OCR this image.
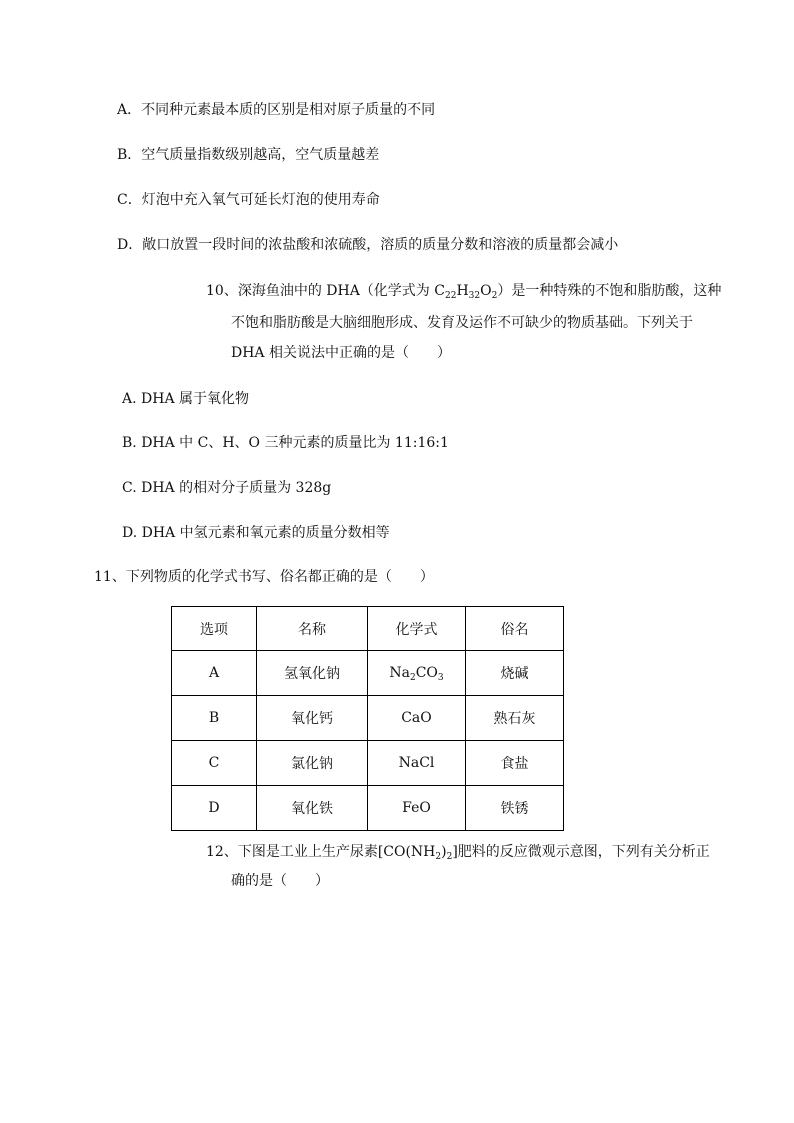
A．不同种元素最本质的区别是相对原子质量的不同
B．空气质量指数级别越高，空气质量越差
C．灯泡中充入氧气可延长灯泡的使用寿命
D．敞口放置一段时间的浓盐酸和浓硫酸，溶质的质量分数和溶液的质量都会减小
10、深海鱼油中的 DHA（化学式为 $C_{22}H_{32}O_2$）是一种特殊的不饱和脂肪酸，这种
不饱和脂肪酸是大脑细胞形成、发育及运作不可缺少的物质基础。下列关于
DHA 相关说法中正确的是（　　）
A. DHA 属于氧化物
B. DHA 中 C、H、O 三种元素的质量比为 11:16:1
C. DHA 的相对分子质量为 328g
D. DHA 中氢元素和氧元素的质量分数相等
11、下列物质的化学式书写、俗名都正确的是（　　）
选项	名称	化学式	俗名
A	氢氧化钠	$Na_2CO_3$	烧碱
B	氧化钙	CaO	熟石灰
C	氯化钠	NaCl	食盐
D	氧化铁	FeO	铁锈
12、下图是工业上生产尿素$[CO(NH_2)_2]$肥料的反应微观示意图，下列有关分析正
确的是（　　）
